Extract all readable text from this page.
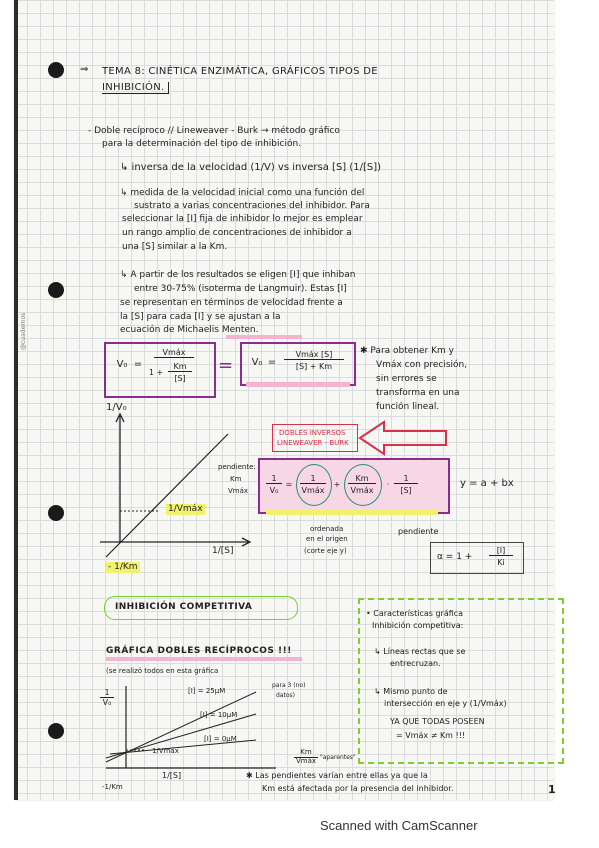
@cuadernos
⇒ TEMA 8: CINÉTICA ENZIMÁTICA, GRÁFICOS TIPOS DE
INHIBICIÓN.
- Doble recíproco // Lineweaver - Burk → método gráfico
para la determinación del tipo de inhibición.
↳ inversa de la velocidad (1/V) vs inversa [S] (1/[S])
↳ medida de la velocidad inicial como una función del
sustrato a varias concentraciones del inhibidor. Para
seleccionar la [I] fija de inhibidor lo mejor es emplear
un rango amplio de concentraciones de inhibidor a
una [S] similar a la Km.
↳ A partir de los resultados se eligen [I] que inhiban
entre 30-75% (isoterma de Langmuir). Estas [I]
se representan en términos de velocidad frente a
la [S] para cada [I] y se ajustan a la
ecuación de Michaelis Menten.
V₀ =
Vmáx
1 +
Km
[S]
=	V₀ =
Vmáx [S]
[S] + Km
✱ Para obtener Km y
Vmáx con precisión,
sin errores se
transforma en una
función lineal.
1/V₀
1/[S]
pendiente:
Km
Vmáx
1/Vmáx
- 1/Km
DOBLES INVERSOS
LINEWEAVER - BURK
1
V₀
=
1
Vmáx
+
Km
Vmáx
·
1
[S]
y = a + bx
ordenada
en el origen
(corte eje y)
pendiente
α = 1 +
[I]
Ki
INHIBICIÓN COMPETITIVA
GRÁFICA DOBLES RECÍPROCOS !!!
(se realizó todos en esta gráfica
para 3 (no)
datos)
1
V₀
[I] = 25μM
[I] = 10μM
[I] = 0μM
1/Vmáx
1/[S]
-1/Km
Km
Vmáx "aparentes"
• Características gráfica
Inhibición competitiva:
↳ Líneas rectas que se
entrecruzan.
↳ Mismo punto de
intersección en eje y (1/Vmáx)
YA QUE TODAS POSEEN
= Vmáx ≠ Km !!!
✱ Las pendientes varían entre ellas ya que la
Km está afectada por la presencia del inhibidor.	1
Scanned with CamScanner
